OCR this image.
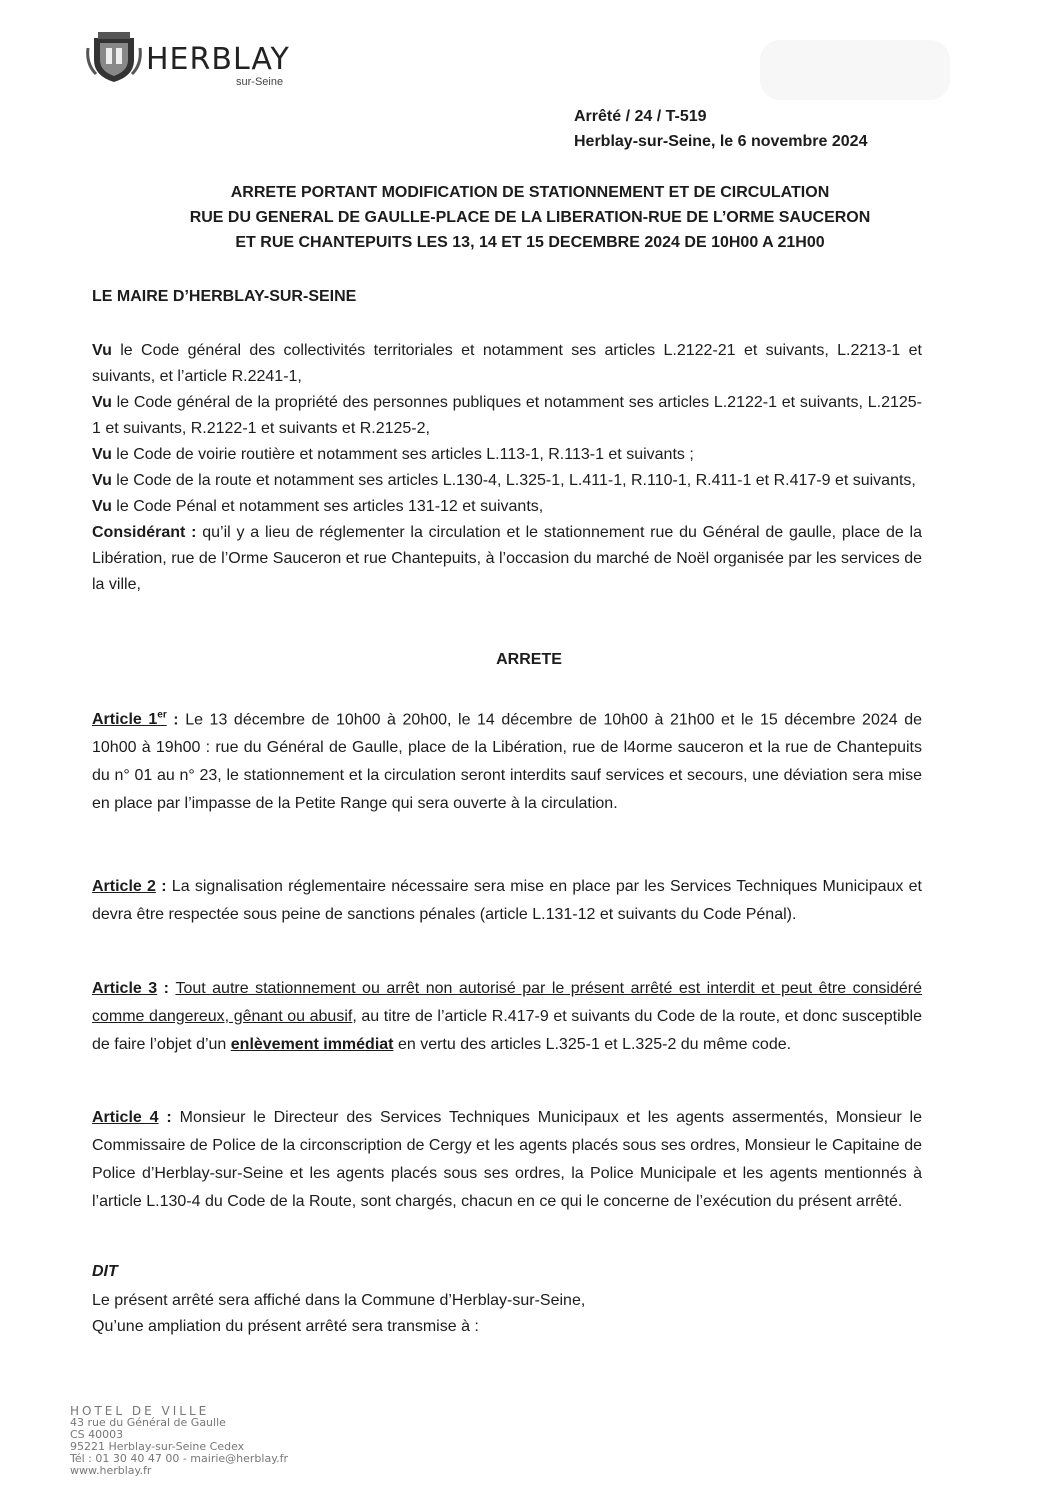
HERBLAY
sur-Seine
Arrêté / 24 / T-519
Herblay-sur-Seine, le 6 novembre 2024
ARRETE PORTANT MODIFICATION DE STATIONNEMENT ET DE CIRCULATION
RUE DU GENERAL DE GAULLE-PLACE DE LA LIBERATION-RUE DE L’ORME SAUCERON
ET RUE CHANTEPUITS LES 13, 14 ET 15 DECEMBRE 2024 DE 10H00 A 21H00
LE MAIRE D’HERBLAY-SUR-SEINE
Vu le Code général des collectivités territoriales et notamment ses articles L.2122-21 et suivants, L.2213-1 et suivants, et l’article R.2241-1,
Vu le Code général de la propriété des personnes publiques et notamment ses articles L.2122-1 et suivants, L.2125-1 et suivants, R.2122-1 et suivants et R.2125-2,
Vu le Code de voirie routière et notamment ses articles L.113-1, R.113-1 et suivants ;
Vu le Code de la route et notamment ses articles L.130-4, L.325-1, L.411-1, R.110-1, R.411-1 et R.417-9 et suivants,
Vu le Code Pénal et notamment ses articles 131-12 et suivants,
Considérant : qu’il y a lieu de réglementer la circulation et le stationnement rue du Général de gaulle, place de la Libération, rue de l’Orme Sauceron et rue Chantepuits, à l’occasion du marché de Noël organisée par les services de la ville,
ARRETE
Article 1er : Le 13 décembre de 10h00 à 20h00, le 14 décembre de 10h00 à 21h00 et le 15 décembre 2024 de 10h00 à 19h00 : rue du Général de Gaulle, place de la Libération, rue de l4orme sauceron et la rue de Chantepuits du n° 01 au n° 23, le stationnement et la circulation seront interdits sauf services et secours, une déviation sera mise en place par l’impasse de la Petite Range qui sera ouverte à la circulation.
Article 2 : La signalisation réglementaire nécessaire sera mise en place par les Services Techniques Municipaux et devra être respectée sous peine de sanctions pénales (article L.131-12 et suivants du Code Pénal).
Article 3 : Tout autre stationnement ou arrêt non autorisé par le présent arrêté est interdit et peut être considéré comme dangereux, gênant ou abusif, au titre de l’article R.417-9 et suivants du Code de la route, et donc susceptible de faire l’objet d’un enlèvement immédiat en vertu des articles L.325-1 et L.325-2 du même code.
Article 4 : Monsieur le Directeur des Services Techniques Municipaux et les agents assermentés, Monsieur le Commissaire de Police de la circonscription de Cergy et les agents placés sous ses ordres, Monsieur le Capitaine de Police d’Herblay-sur-Seine et les agents placés sous ses ordres, la Police Municipale et les agents mentionnés à l’article L.130-4 du Code de la Route, sont chargés, chacun en ce qui le concerne de l’exécution du présent arrêté.
DIT
Le présent arrêté sera affiché dans la Commune d’Herblay-sur-Seine,
Qu’une ampliation du présent arrêté sera transmise à :
HOTEL DE VILLE
43 rue du Général de Gaulle
CS 40003
95221 Herblay-sur-Seine Cedex
Tél : 01 30 40 47 00 - mairie@herblay.fr
www.herblay.fr
